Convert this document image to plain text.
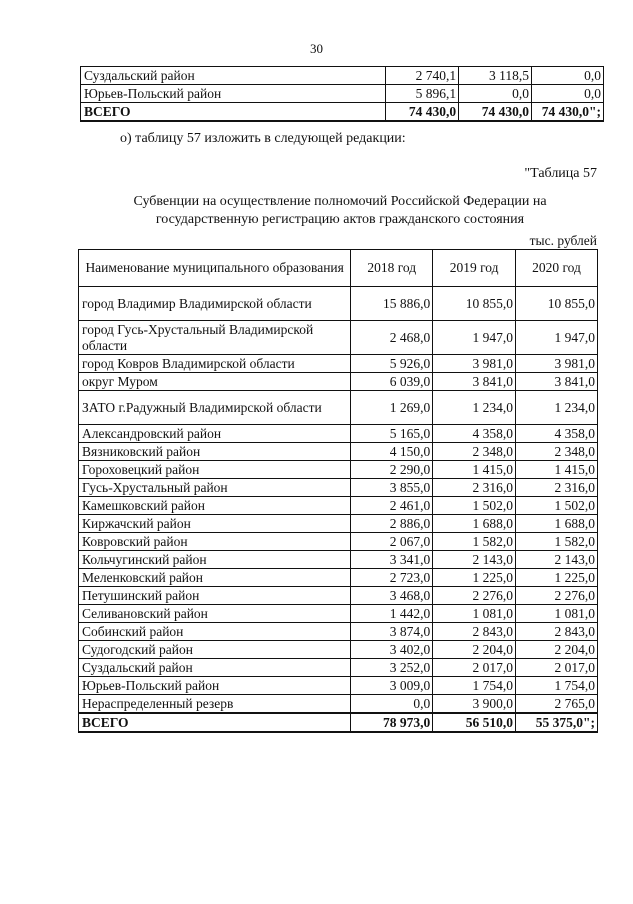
30
Суздальский район	2 740,1	3 118,5	0,0
Юрьев-Польский район	5 896,1	0,0	0,0
ВСЕГО	74 430,0	74 430,0	74 430,0";
о) таблицу 57 изложить в следующей редакции:
"Таблица 57
Субвенции на осуществление полномочий Российской Федерации на
государственную регистрацию актов гражданского состояния
тыс. рублей
Наименование муниципального образования	2018 год	2019 год	2020 год
город Владимир Владимирской области	15 886,0	10 855,0	10 855,0
город Гусь-Хрустальный Владимирской области	2 468,0	1 947,0	1 947,0
город Ковров Владимирской области	5 926,0	3 981,0	3 981,0
округ Муром	6 039,0	3 841,0	3 841,0
ЗАТО г.Радужный Владимирской области	1 269,0	1 234,0	1 234,0
Александровский район	5 165,0	4 358,0	4 358,0
Вязниковский район	4 150,0	2 348,0	2 348,0
Гороховецкий район	2 290,0	1 415,0	1 415,0
Гусь-Хрустальный район	3 855,0	2 316,0	2 316,0
Камешковский район	2 461,0	1 502,0	1 502,0
Киржачский район	2 886,0	1 688,0	1 688,0
Ковровский район	2 067,0	1 582,0	1 582,0
Кольчугинский район	3 341,0	2 143,0	2 143,0
Меленковский район	2 723,0	1 225,0	1 225,0
Петушинский район	3 468,0	2 276,0	2 276,0
Селивановский район	1 442,0	1 081,0	1 081,0
Собинский район	3 874,0	2 843,0	2 843,0
Судогодский район	3 402,0	2 204,0	2 204,0
Суздальский район	3 252,0	2 017,0	2 017,0
Юрьев-Польский район	3 009,0	1 754,0	1 754,0
Нераспределенный резерв	0,0	3 900,0	2 765,0
ВСЕГО	78 973,0	56 510,0	55 375,0";
